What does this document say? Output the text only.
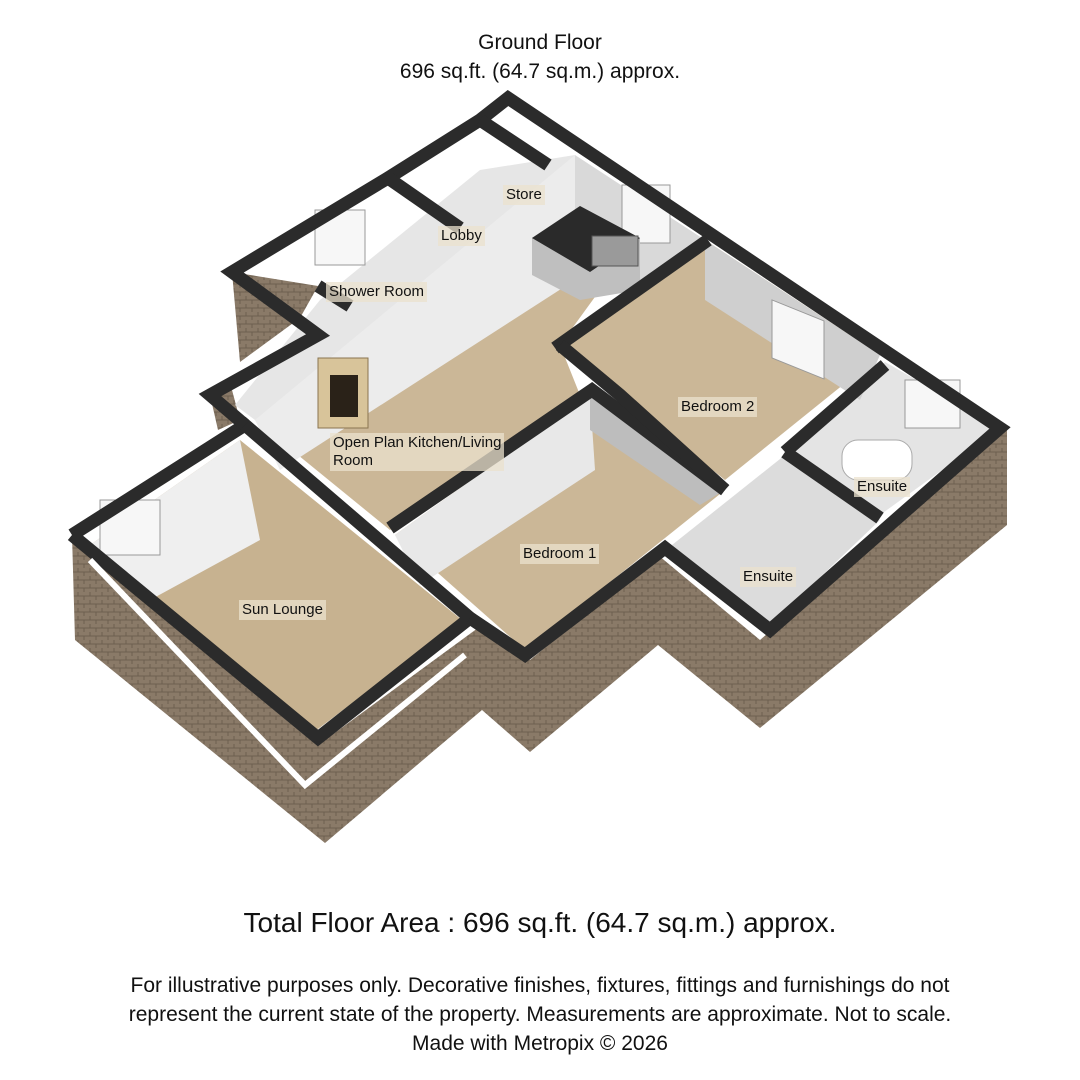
Ground Floor
696 sq.ft. (64.7 sq.m.) approx.
Store
Lobby
Shower Room
Open Plan Kitchen/Living
Room
Bedroom 2
Ensuite
Bedroom 1
Ensuite
Sun Lounge
Total Floor Area : 696 sq.ft. (64.7 sq.m.) approx.
For illustrative purposes only. Decorative finishes, fixtures, fittings and furnishings do not
represent the current state of the property. Measurements are approximate. Not to scale.
Made with Metropix © 2026
